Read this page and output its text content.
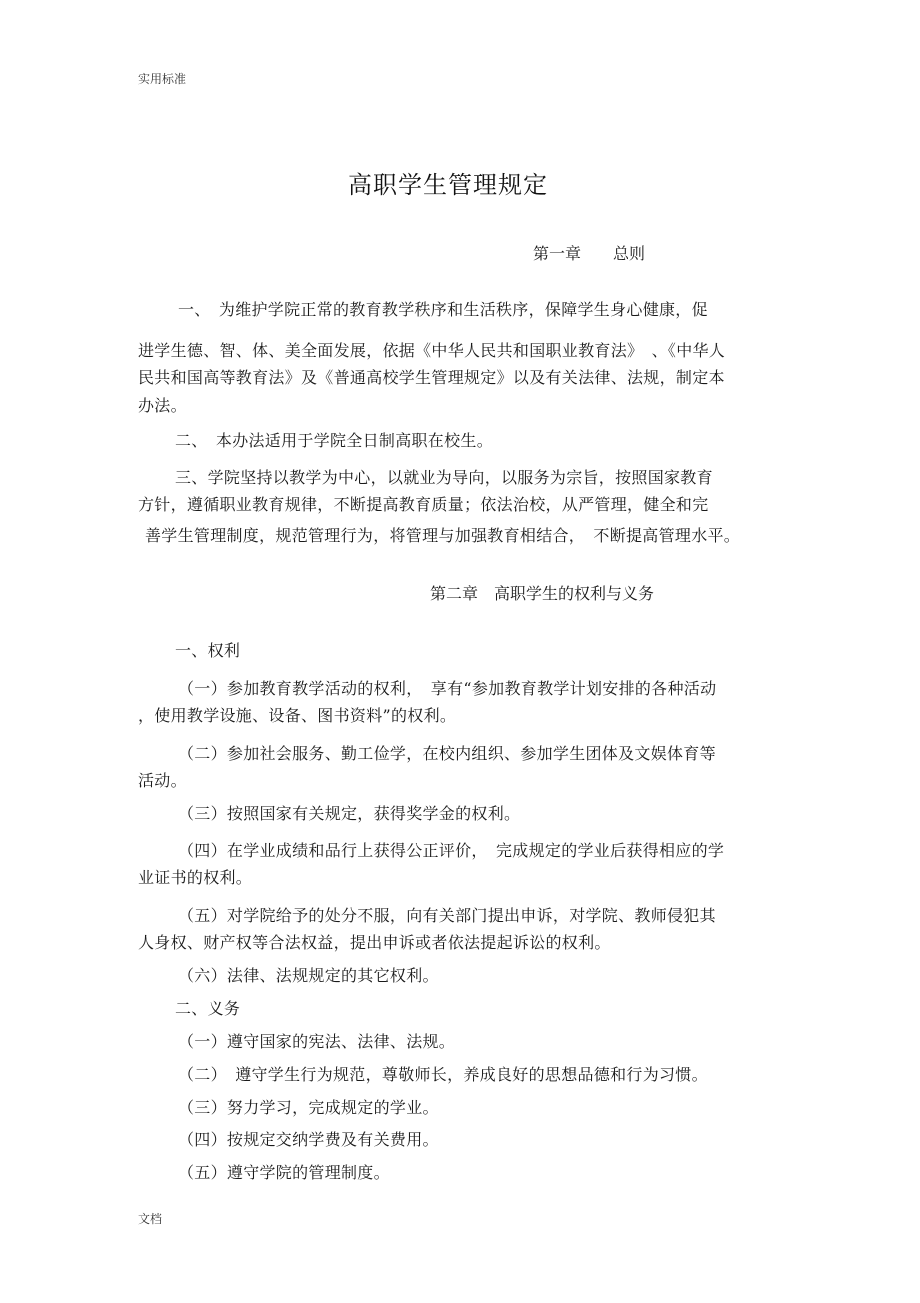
实用标准
高职学生管理规定
第一章　　总则
一、　为维护学院正常的教育教学秩序和生活秩序，保障学生身心健康，促
进学生德、智、体、美全面发展，依据《中华人民共和国职业教育法》　、《中华人
民共和国高等教育法》及《普通高校学生管理规定》以及有关法律、法规，制定本
办法。
二、　本办法适用于学院全日制高职在校生。
三、学院坚持以教学为中心，以就业为导向，以服务为宗旨，按照国家教育
方针，遵循职业教育规律，不断提高教育质量；依法治校，从严管理，健全和完
善学生管理制度，规范管理行为，将管理与加强教育相结合，　不断提高管理水平。
第二章　高职学生的权利与义务
一、权利
（一）参加教育教学活动的权利，　享有“参加教育教学计划安排的各种活动
，使用教学设施、设备、图书资料”的权利。
（二）参加社会服务、勤工俭学，在校内组织、参加学生团体及文娱体育等
活动。
（三）按照国家有关规定，获得奖学金的权利。
（四）在学业成绩和品行上获得公正评价，　完成规定的学业后获得相应的学
业证书的权利。
（五）对学院给予的处分不服，向有关部门提出申诉，对学院、教师侵犯其
人身权、财产权等合法权益，提出申诉或者依法提起诉讼的权利。
（六）法律、法规规定的其它权利。
二、义务
（一）遵守国家的宪法、法律、法规。
（二）　遵守学生行为规范，尊敬师长，养成良好的思想品德和行为习惯。
（三）努力学习，完成规定的学业。
（四）按规定交纳学费及有关费用。
（五）遵守学院的管理制度。
文档
